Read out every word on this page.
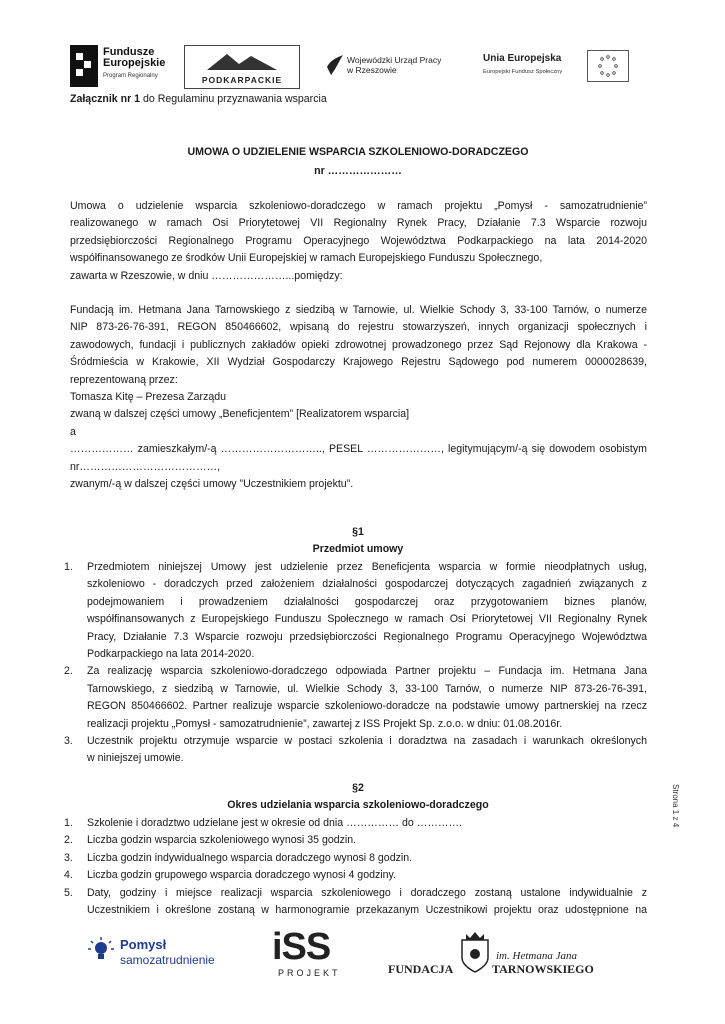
Fundusze
Europejskie
Program Regionalny	PODKARPACKIE
Wojewódzki Urząd Pracy
w Rzeszowie
Unia Europejska
Europejski Fundusz Społeczny
Załącznik nr 1 do Regulaminu przyznawania wsparcia
UMOWA O UDZIELENIE WSPARCIA SZKOLENIOWO-DORADCZEGO
nr …………………
Umowa o udzielenie wsparcia szkoleniowo-doradczego w ramach projektu „Pomysł - samozatrudnienie”
realizowanego w ramach Osi Priorytetowej VII Regionalny Rynek Pracy, Działanie 7.3 Wsparcie rozwoju
przedsiębiorczości Regionalnego Programu Operacyjnego Województwa Podkarpackiego na lata 2014-2020
współfinansowanego ze środków Unii Europejskiej w ramach Europejskiego Funduszu Społecznego,
zawarta w Rzeszowie, w dniu …………………...pomiędzy:
Fundacją im. Hetmana Jana Tarnowskiego z siedzibą w Tarnowie, ul. Wielkie Schody 3, 33-100 Tarnów, o numerze
NIP 873-26-76-391, REGON 850466602, wpisaną do rejestru stowarzyszeń, innych organizacji społecznych i
zawodowych, fundacji i publicznych zakładów opieki zdrowotnej prowadzonego przez Sąd Rejonowy dla Krakowa -
Śródmieścia w Krakowie, XII Wydział Gospodarczy Krajowego Rejestru Sądowego pod numerem 0000028639,
reprezentowaną przez:
Tomasza Kitę – Prezesa Zarządu
zwaną w dalszej części umowy „Beneficjentem” [Realizatorem wsparcia]
a
……………… zamieszkałym/-ą ……………………….., PESEL …………………, legitymującym/-ą się dowodem osobistym
nr…………………………………,
zwanym/-ą w dalszej części umowy ”Uczestnikiem projektu”.
§1
Przedmiot umowy
1. Przedmiotem niniejszej Umowy jest udzielenie przez Beneficjenta wsparcia w formie nieodpłatnych usług,
szkoleniowo - doradczych przed założeniem działalności gospodarczej dotyczących zagadnień związanych z
podejmowaniem i prowadzeniem działalności gospodarczej oraz przygotowaniem biznes planów,
współfinansowanych z Europejskiego Funduszu Społecznego w ramach Osi Priorytetowej VII Regionalny Rynek
Pracy, Działanie 7.3 Wsparcie rozwoju przedsiębiorczości Regionalnego Programu Operacyjnego Województwa
Podkarpackiego na lata 2014-2020.
2. Za realizację wsparcia szkoleniowo-doradczego odpowiada Partner projektu – Fundacja im. Hetmana Jana
Tarnowskiego, z siedzibą w Tarnowie, ul. Wielkie Schody 3, 33-100 Tarnów, o numerze NIP 873-26-76-391,
REGON 850466602. Partner realizuje wsparcie szkoleniowo-doradcze na podstawie umowy partnerskiej na rzecz
realizacji projektu „Pomysł - samozatrudnienie”, zawartej z ISS Projekt Sp. z.o.o. w dniu: 01.08.2016r.
3. Uczestnik projektu otrzymuje wsparcie w postaci szkolenia i doradztwa na zasadach i warunkach określonych
w niniejszej umowie.
§2
Okres udzielania wsparcia szkoleniowo-doradczego
1. Szkolenie i doradztwo udzielane jest w okresie od dnia …………… do ………….
2. Liczba godzin wsparcia szkoleniowego wynosi 35 godzin.
3. Liczba godzin indywidualnego wsparcia doradczego wynosi 8 godzin.
4. Liczba godzin grupowego wsparcia doradczego wynosi 4 godziny.
5. Daty, godziny i miejsce realizacji wsparcia szkoleniowego i doradczego zostaną ustalone indywidualnie z
Uczestnikiem i określone zostaną w harmonogramie przekazanym Uczestnikowi projektu oraz udostępnione na
Strona 1 z 4
Pomysł
samozatrudnienie iSS
PROJEKT
im. Hetmana Jana
FUNDACJA	TARNOWSKIEGO
